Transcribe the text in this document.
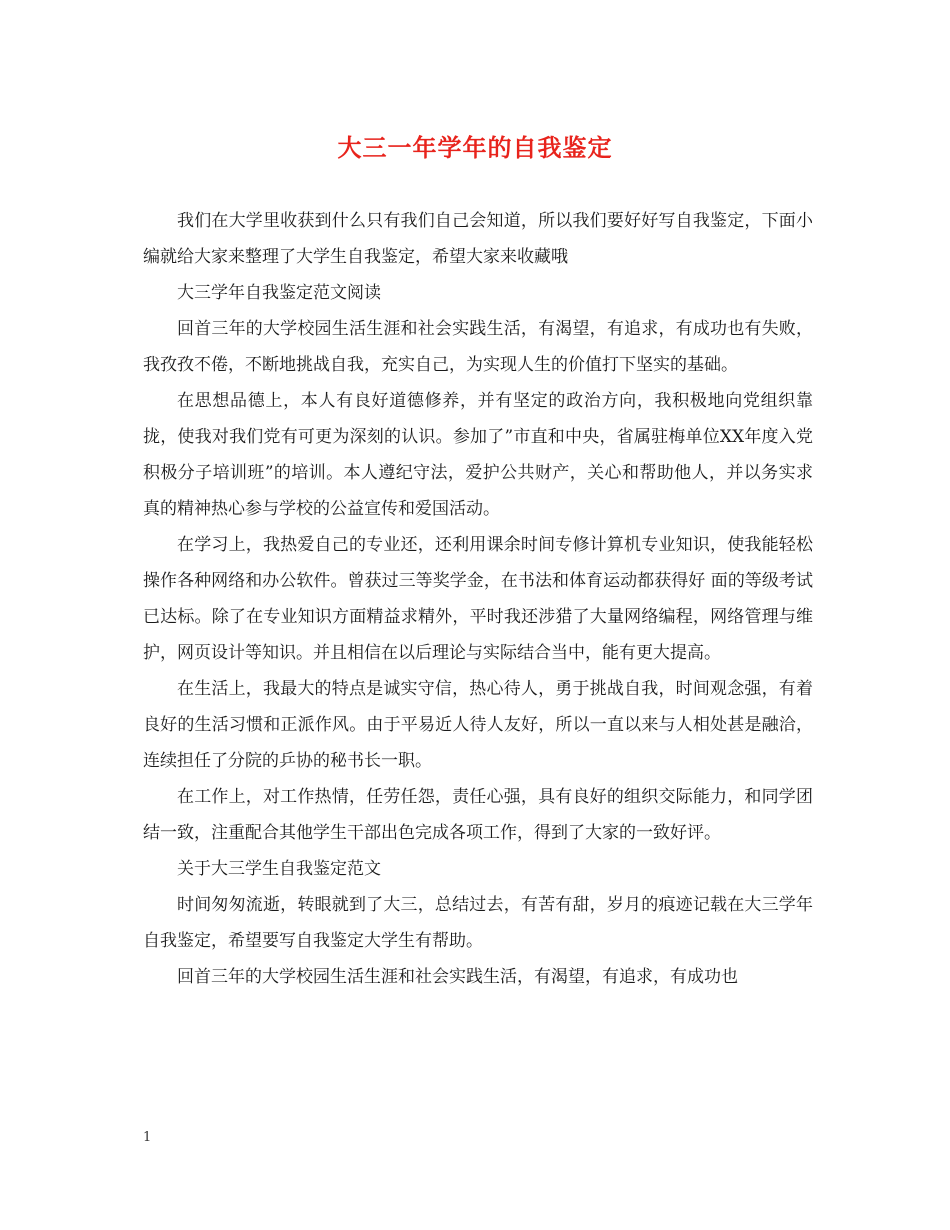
大三一年学年的自我鉴定

我们在大学里收获到什么只有我们自己会知道，所以我们要好好写自我鉴定，下面小编就给大家来整理了大学生自我鉴定，希望大家来收藏哦

大三学年自我鉴定范文阅读

回首三年的大学校园生活生涯和社会实践生活，有渴望，有追求，有成功也有失败，我孜孜不倦，不断地挑战自我，充实自己，为实现人生的价值打下坚实的基础。

在思想品德上，本人有良好道德修养，并有坚定的政治方向，我积极地向党组织靠拢，使我对我们党有可更为深刻的认识。参加了”市直和中央，省属驻梅单位XX年度入党积极分子培训班”的培训。本人遵纪守法，爱护公共财产，关心和帮助他人，并以务实求真的精神热心参与学校的公益宣传和爱国活动。

在学习上，我热爱自己的专业还，还利用课余时间专修计算机专业知识，使我能轻松操作各种网络和办公软件。曾获过三等奖学金，在书法和体育运动都获得好 面的等级考试已达标。除了在专业知识方面精益求精外，平时我还涉猎了大量网络编程，网络管理与维护，网页设计等知识。并且相信在以后理论与实际结合当中，能有更大提高。

在生活上，我最大的特点是诚实守信，热心待人，勇于挑战自我，时间观念强，有着良好的生活习惯和正派作风。由于平易近人待人友好，所以一直以来与人相处甚是融洽，连续担任了分院的乒协的秘书长一职。

在工作上，对工作热情，任劳任怨，责任心强，具有良好的组织交际能力，和同学团结一致，注重配合其他学生干部出色完成各项工作，得到了大家的一致好评。

关于大三学生自我鉴定范文

时间匆匆流逝，转眼就到了大三，总结过去，有苦有甜，岁月的痕迹记载在大三学年自我鉴定，希望要写自我鉴定大学生有帮助。

回首三年的大学校园生活生涯和社会实践生活，有渴望，有追求，有成功也

1
